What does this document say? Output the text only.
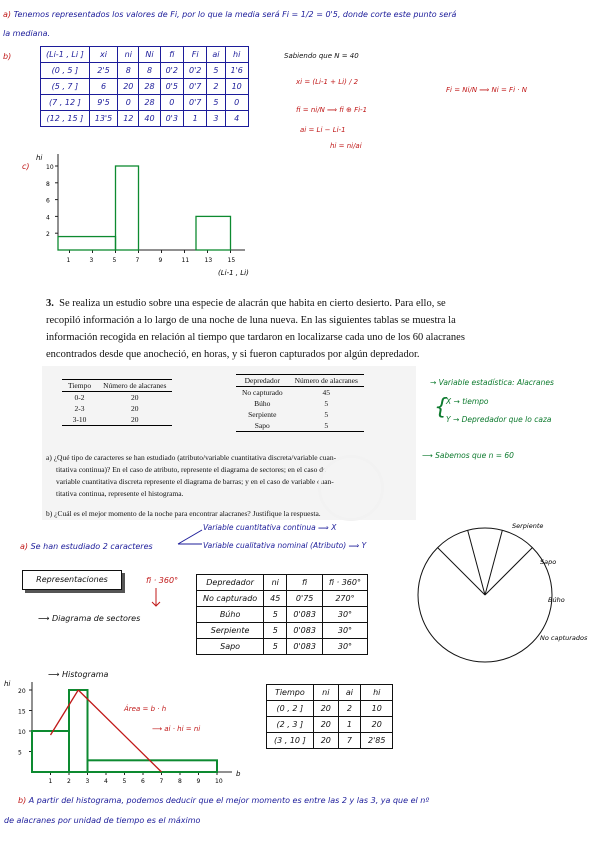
a) Tenemos representados los valores de Fi, por lo que la media será Fi = 1/2 = 0'5, donde corte este punto será
la mediana.
b)	(Li-1 , Li ]	xi	ni	Ni	fi	Fi	ai	hi
(0 , 5 ]	2'5	8	8	0'2	0'2	5	1'6
(5 , 7 ]	6	20	28	0'5	0'7	2	10
(7 , 12 ]	9'5	0	28	0	0'7	5	0
(12 , 15 ]	13'5	12	40	0'3	1	3	4
Sabiendo que N = 40
xi = (Li-1 + Li) / 2
fi = ni/N ⟹ fi ⊕ Fi-1
Fi = Ni/N ⟹ Ni = Fi · N
ai = Li − Li-1
hi = ni/ai
c)
hi
(Li-1 , Li)
10
8
6
4
2
1	3	5	7	9	11	13	15
3. Se realiza un estudio sobre una especie de alacrán que habita en cierto desierto. Para ello, se
recopiló información a lo largo de una noche de luna nueva. En las siguientes tablas se muestra la
información recogida en relación al tiempo que tardaron en localizarse cada uno de los 60 alacranes
encontrados desde que anocheció, en horas, y si fueron capturados por algún depredador.
Tiempo	Número de alacranes
0-2	20
2-3	20
3-10	20
Depredador	Número de alacranes
No capturado	45
Búho	5
Serpiente	5
Sapo	5
a) ¿Qué tipo de caracteres se han estudiado (atributo/variable cuantitativa discreta/variable cuan-
titativa continua)? En el caso de atributo, represente el diagrama de sectores; en el caso de
variable cuantitativa discreta represente el diagrama de barras; y en el caso de variable cuan-
titativa continua, represente el histograma.
b) ¿Cuál es el mejor momento de la noche para encontrar alacranes? Justifique la respuesta.
→ Variable estadística: Alacranes
X → tiempo
Y → Depredador que lo caza
{
⟶ Sabemos que n = 60
a) Se han estudiado 2 caracteres
Variable cuantitativa continua ⟹ X
Variable cualitativa nominal (Atributo) ⟹ Y
Representaciones	fi · 360°
⟶ Diagrama de sectores
Depredador	ni	fi	fi · 360°
No capturado	45	0'75	270°
Búho	5	0'083	30°
Serpiente	5	0'083	30°
Sapo	5	0'083	30°
Serpiente
Sapo
Búho
No capturados
⟶ Histograma
hi
b
20
15
10
5
1 2 3 4 5 6 7 8 9 10
Área = b · h
⟶ ai · hi = ni
Tiempo	ni	ai	hi
(0 , 2 ]	20	2	10
(2 , 3 ]	20	1	20
(3 , 10 ]	20	7	2'85
b) A partir del histograma, podemos deducir que el mejor momento es entre las 2 y las 3, ya que el nº
de alacranes por unidad de tiempo es el máximo
